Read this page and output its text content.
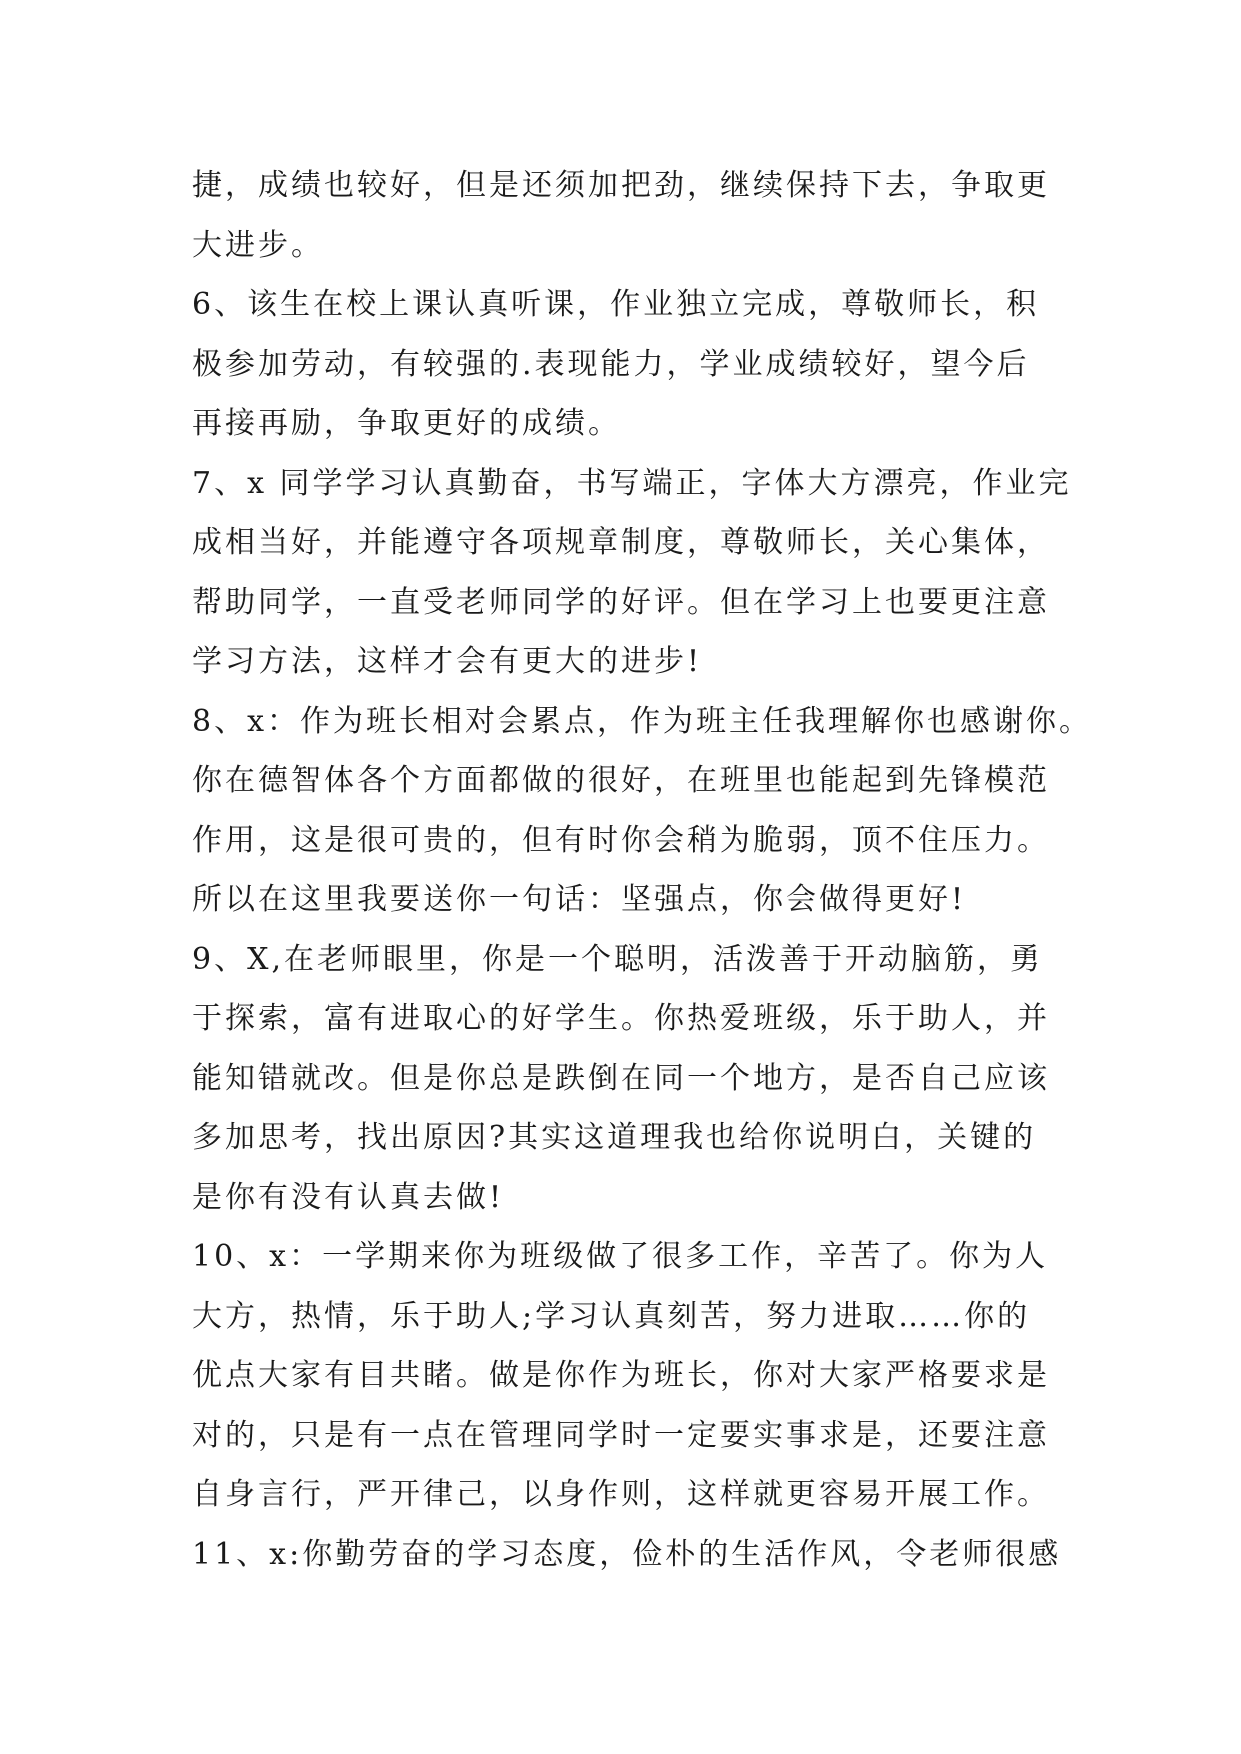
捷，成绩也较好，但是还须加把劲，继续保持下去，争取更
大进步。
6、该生在校上课认真听课，作业独立完成，尊敬师长，积
极参加劳动，有较强的.表现能力，学业成绩较好，望今后
再接再励，争取更好的成绩。
7、x 同学学习认真勤奋，书写端正，字体大方漂亮，作业完
成相当好，并能遵守各项规章制度，尊敬师长，关心集体，
帮助同学，一直受老师同学的好评。但在学习上也要更注意
学习方法，这样才会有更大的进步!
8、x：作为班长相对会累点，作为班主任我理解你也感谢你。
你在德智体各个方面都做的很好，在班里也能起到先锋模范
作用，这是很可贵的，但有时你会稍为脆弱，顶不住压力。
所以在这里我要送你一句话：坚强点，你会做得更好!
9、X,在老师眼里，你是一个聪明，活泼善于开动脑筋，勇
于探索，富有进取心的好学生。你热爱班级，乐于助人，并
能知错就改。但是你总是跌倒在同一个地方，是否自己应该
多加思考，找出原因?其实这道理我也给你说明白，关键的
是你有没有认真去做!
10、x：一学期来你为班级做了很多工作，辛苦了。你为人
大方，热情，乐于助人;学习认真刻苦，努力进取……你的
优点大家有目共睹。做是你作为班长，你对大家严格要求是
对的，只是有一点在管理同学时一定要实事求是，还要注意
自身言行，严开律己，以身作则，这样就更容易开展工作。
11、x:你勤劳奋的学习态度，俭朴的生活作风，令老师很感
